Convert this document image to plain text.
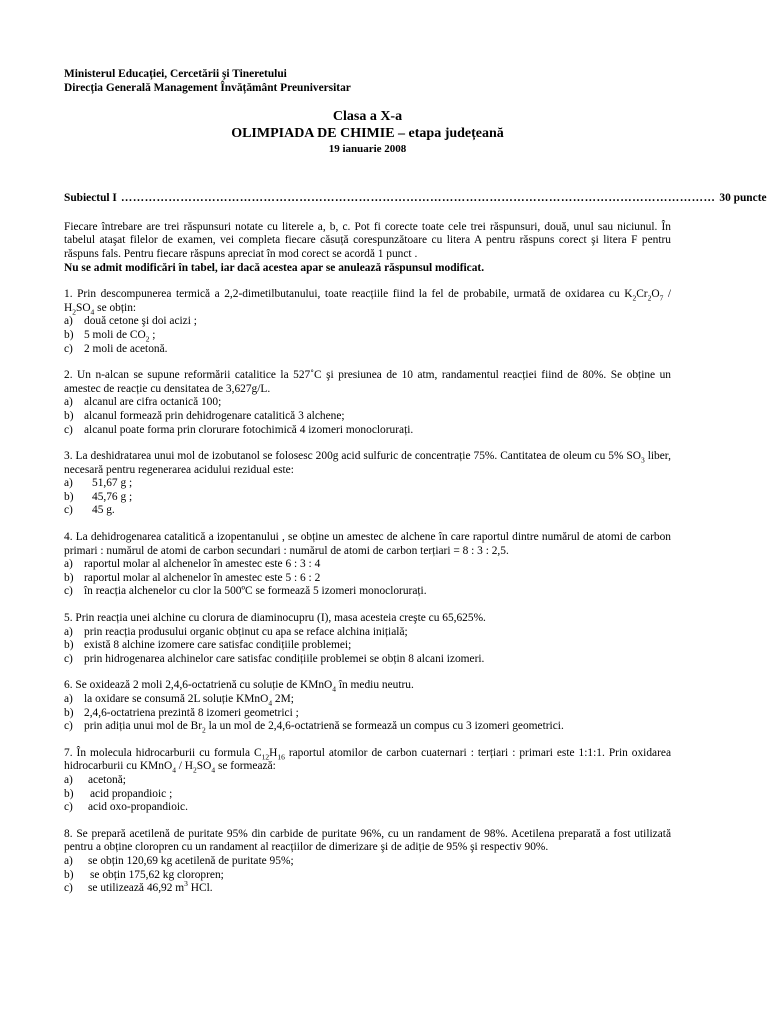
Ministerul Educației, Cercetării şi Tineretului
Direcția Generală Management Învățământ Preuniversitar
Clasa a X-a
OLIMPIADA DE CHIMIE – etapa județeană
19 ianuarie 2008
Subiectul I …………………………………………………………………………………………………………………………………… 30 puncte
Fiecare întrebare are trei răspunsuri notate cu literele a, b, c. Pot fi corecte toate cele trei răspunsuri, două, unul sau niciunul. În tabelul ataşat filelor de examen, vei completa fiecare căsuță corespunzătoare cu litera A pentru răspuns corect şi litera F pentru răspuns fals. Pentru fiecare răspuns apreciat în mod corect se acordă 1 punct .
Nu se admit modificări în tabel, iar dacă acestea apar se anulează răspunsul modificat.
1. Prin descompunerea termică a 2,2-dimetilbutanului, toate reacțiile fiind la fel de probabile, urmată de oxidarea cu $K_2Cr_2O_7 / H_2SO_4$ se obțin:
a) două cetone şi doi acizi ;
b) 5 moli de $CO_2$ ;
c) 2 moli de acetonă.
2. Un n-alcan se supune reformării catalitice la 527˚C şi presiunea de 10 atm, randamentul reacției fiind de 80%. Se obține un amestec de reacție cu densitatea de 3,627g/L.
a) alcanul are cifra octanică 100;
b) alcanul formează prin dehidrogenare catalitică 3 alchene;
c) alcanul poate forma prin clorurare fotochimică 4 izomeri monoclorurați.
3. La deshidratarea unui mol de izobutanol se folosesc 200g acid sulfuric de concentrație 75%. Cantitatea de oleum cu 5% $SO_3$ liber, necesară pentru regenerarea acidului rezidual este:
a)	51,67 g ;
b)	45,76 g ;
c)	45 g.
4. La dehidrogenarea catalitică a izopentanului , se obține un amestec de alchene în care raportul dintre numărul de atomi de carbon primari : numărul de atomi de carbon secundari : numărul de atomi de carbon terțiari = 8 : 3 : 2,5.
a) raportul molar al alchenelor în amestec este 6 : 3 : 4
b) raportul molar al alchenelor în amestec este 5 : 6 : 2
c) în reacția alchenelor cu clor la 500ºC se formează 5 izomeri monoclorurați.
5. Prin reacția unei alchine cu clorura de diaminocupru (I), masa acesteia creşte cu 65,625%.
a) prin reacția produsului organic obținut cu apa se reface alchina inițială;
b) există 8 alchine izomere care satisfac condițiile problemei;
c) prin hidrogenarea alchinelor care satisfac condițiile problemei se obțin 8 alcani izomeri.
6. Se oxidează 2 moli 2,4,6-octatrienă cu soluție de KMnO$_4$ în mediu neutru.
a) la oxidare se consumă 2L soluție KMnO$_4$ 2M;
b) 2,4,6-octatriena prezintă 8 izomeri geometrici ;
c) prin adiția unui mol de $Br_2$ la un mol de 2,4,6-octatrienă se formează un compus cu 3 izomeri geometrici.
7. În molecula hidrocarburii cu formula $C_{12}H_{16}$ raportul atomilor de carbon cuaternari : terțiari : primari este 1:1:1. Prin oxidarea hidrocarburii cu KMnO$_4$ / $H_2SO_4$ se formează:
a)	acetonă;
b)	acid propandioic ;
c)	acid oxo-propandioic.
8. Se prepară acetilenă de puritate 95% din carbide de puritate 96%, cu un randament de 98%. Acetilena preparată a fost utilizată pentru a obține cloropren cu un randament al reacțiilor de dimerizare şi de adiție de 95% şi respectiv 90%.
a)	se obțin 120,69 kg acetilenă de puritate 95%;
b)	se obțin 175,62 kg cloropren;
c)	se utilizează 46,92 $m^3$ HCl.
